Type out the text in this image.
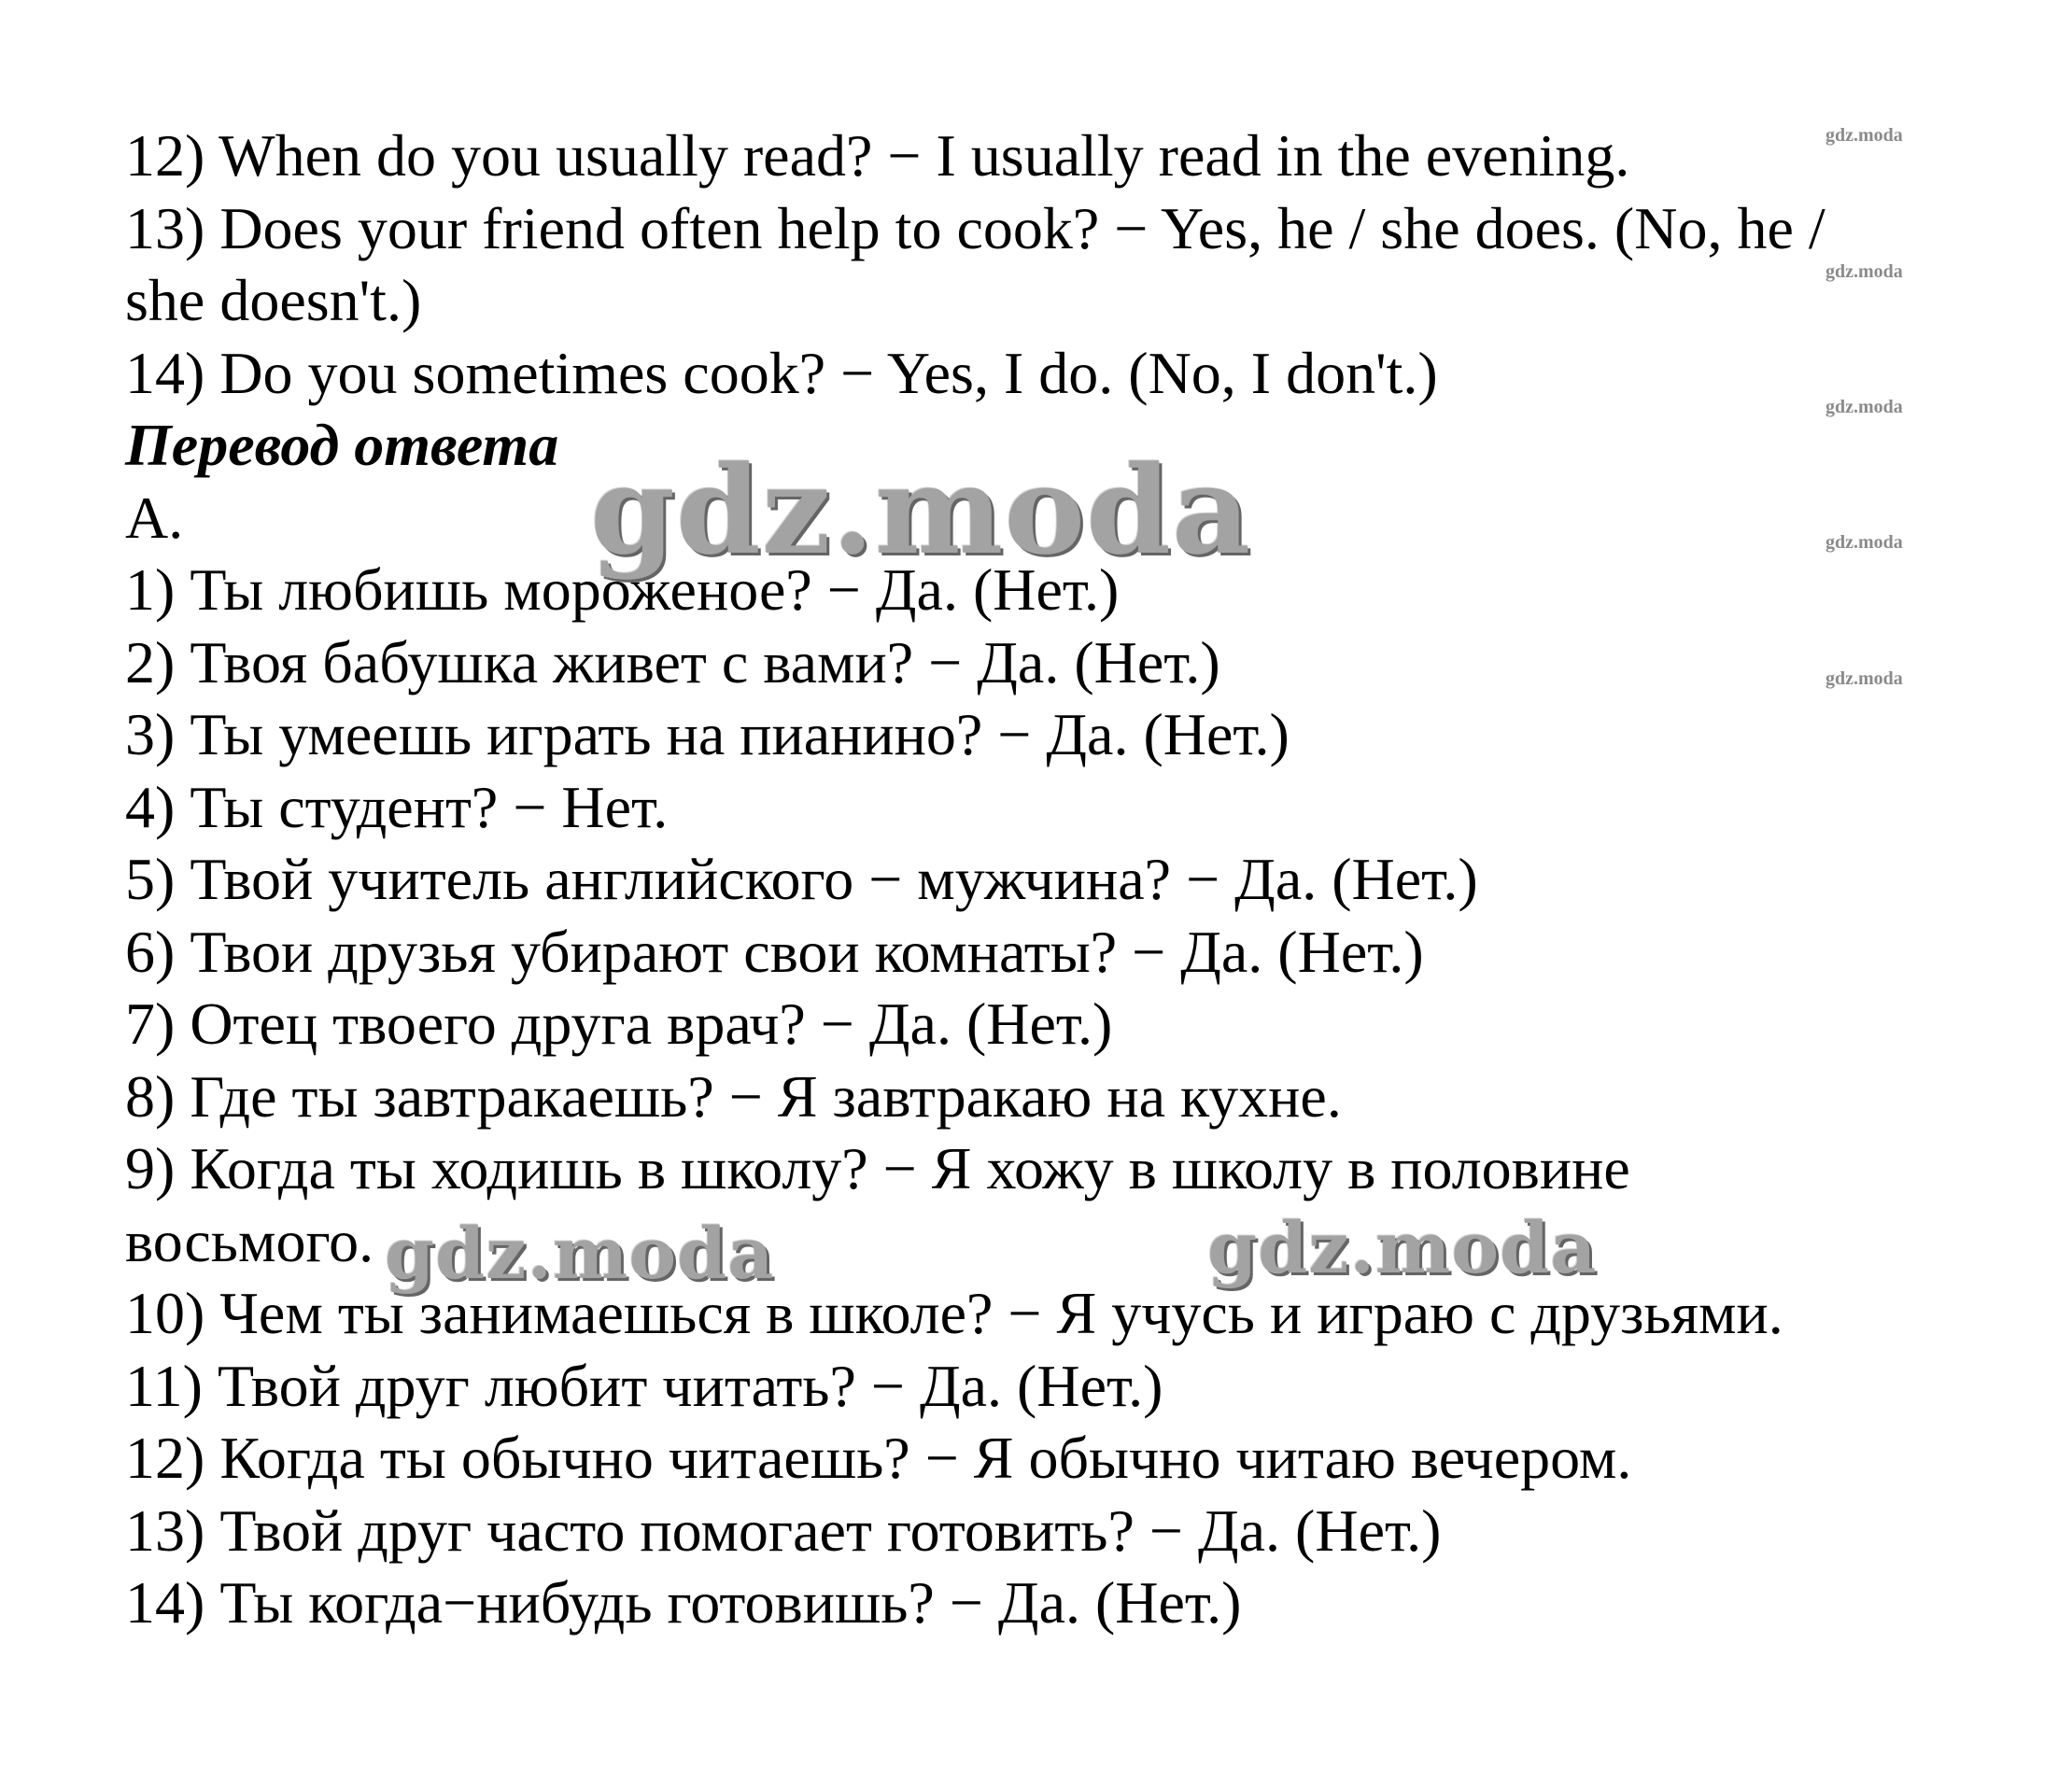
12) When do you usually read? − I usually read in the evening.
13) Does your friend often help to cook? − Yes, he / she does. (No, he /
she doesn't.)
14) Do you sometimes cook? − Yes, I do. (No, I don't.)
Перевод ответа
A.
1) Ты любишь мороженое? − Да. (Нет.)
2) Твоя бабушка живет с вами? − Да. (Нет.)
3) Ты умеешь играть на пианино? − Да. (Нет.)
4) Ты студент? − Нет.
5) Твой учитель английского − мужчина? − Да. (Нет.)
6) Твои друзья убирают свои комнаты? − Да. (Нет.)
7) Отец твоего друга врач? − Да. (Нет.)
8) Где ты завтракаешь? − Я завтракаю на кухне.
9) Когда ты ходишь в школу? − Я хожу в школу в половине
восьмого.
10) Чем ты занимаешься в школе? − Я учусь и играю с друзьями.
11) Твой друг любит читать? − Да. (Нет.)
12) Когда ты обычно читаешь? − Я обычно читаю вечером.
13) Твой друг часто помогает готовить? − Да. (Нет.)
14) Ты когда−нибудь готовишь? − Да. (Нет.)
gdz.moda
gdz.moda
gdz.moda
gdz.moda
gdz.moda
gdz.moda
gdz.moda	gdz.moda
